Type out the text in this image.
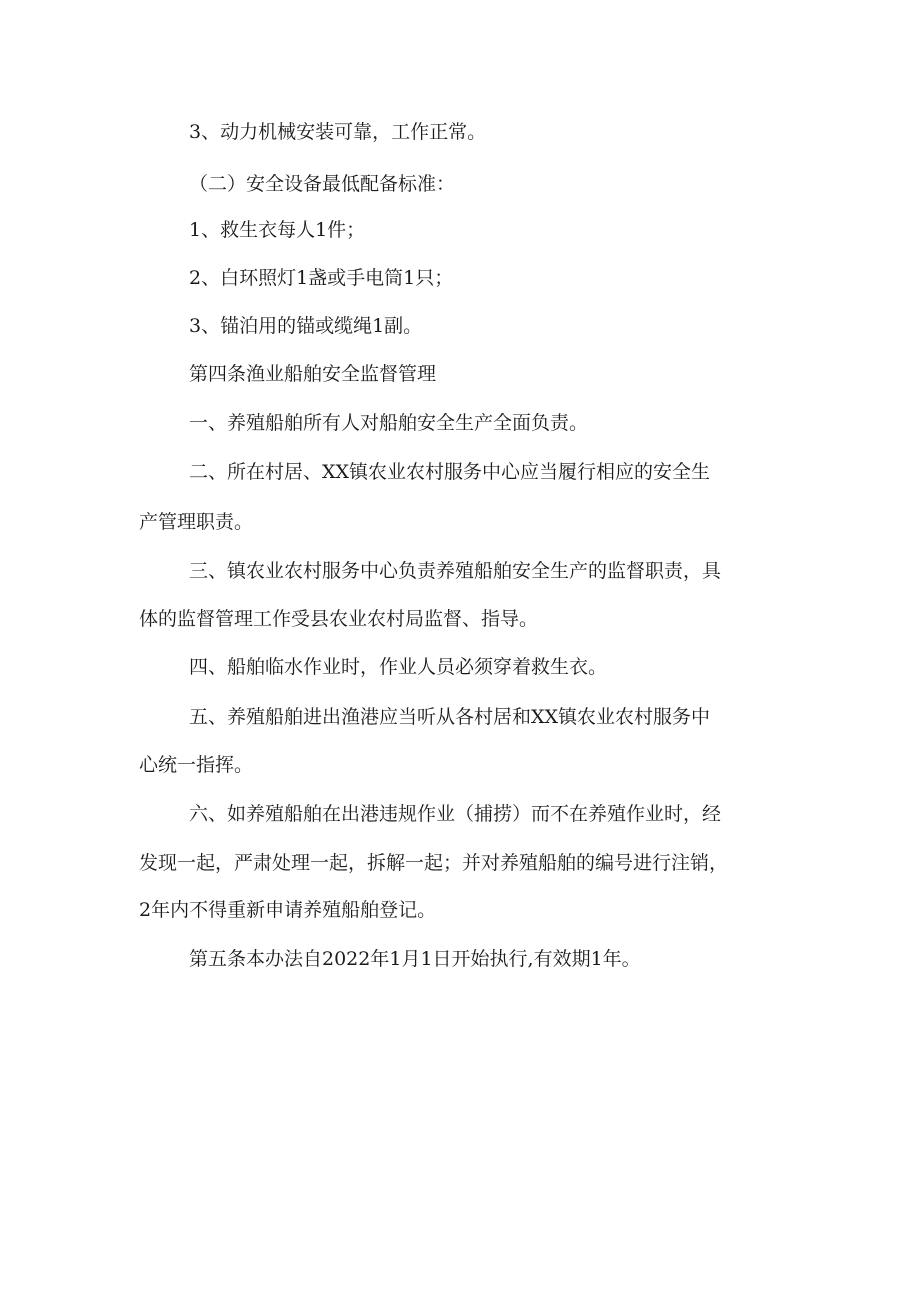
3、动力机械安装可靠，工作正常。

（二）安全设备最低配备标准：

1、救生衣每人1件；

2、白环照灯1盏或手电筒1只；

3、锚泊用的锚或缆绳1副。

第四条渔业船舶安全监督管理

一、养殖船舶所有人对船舶安全生产全面负责。

二、所在村居、XX镇农业农村服务中心应当履行相应的安全生

产管理职责。

三、镇农业农村服务中心负责养殖船舶安全生产的监督职责，具

体的监督管理工作受县农业农村局监督、指导。

四、船舶临水作业时，作业人员必须穿着救生衣。

五、养殖船舶进出渔港应当听从各村居和XX镇农业农村服务中

心统一指挥。

六、如养殖船舶在出港违规作业（捕捞）而不在养殖作业时，经

发现一起，严肃处理一起，拆解一起；并对养殖船舶的编号进行注销，

2年内不得重新申请养殖船舶登记。

第五条本办法自2022年1月1日开始执行,有效期1年。
